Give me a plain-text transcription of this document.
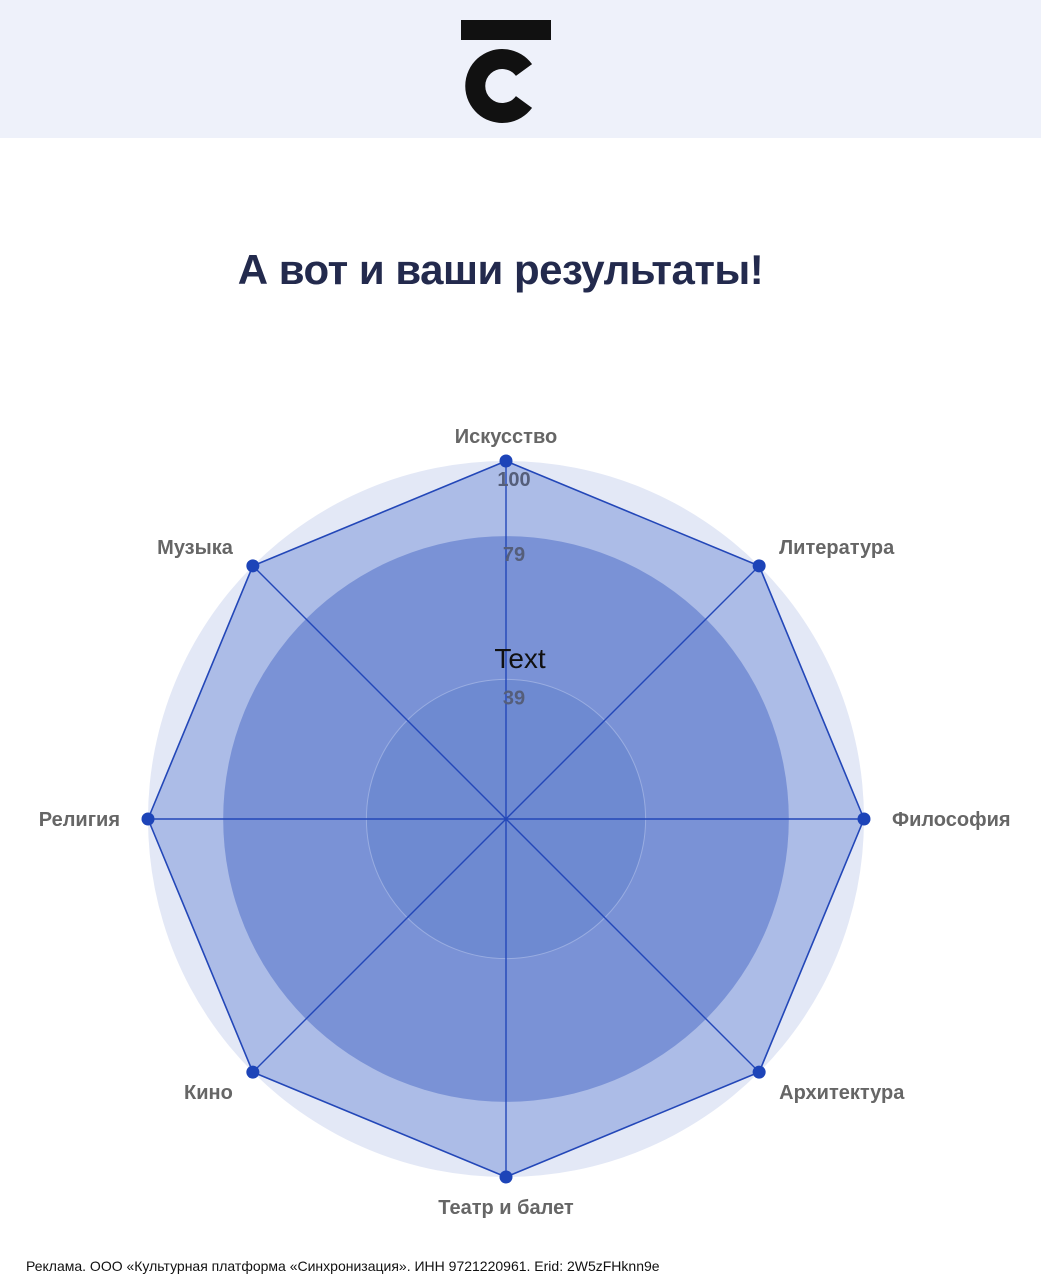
А вот и ваши результаты!
39
79
100
Искусство
Литература
Философия
Архитектура
Театр и балет
Кино
Религия
Музыка
Text
Реклама. ООО «Культурная платформа «Синхронизация». ИНН 9721220961. Erid: 2W5zFHknn9e
